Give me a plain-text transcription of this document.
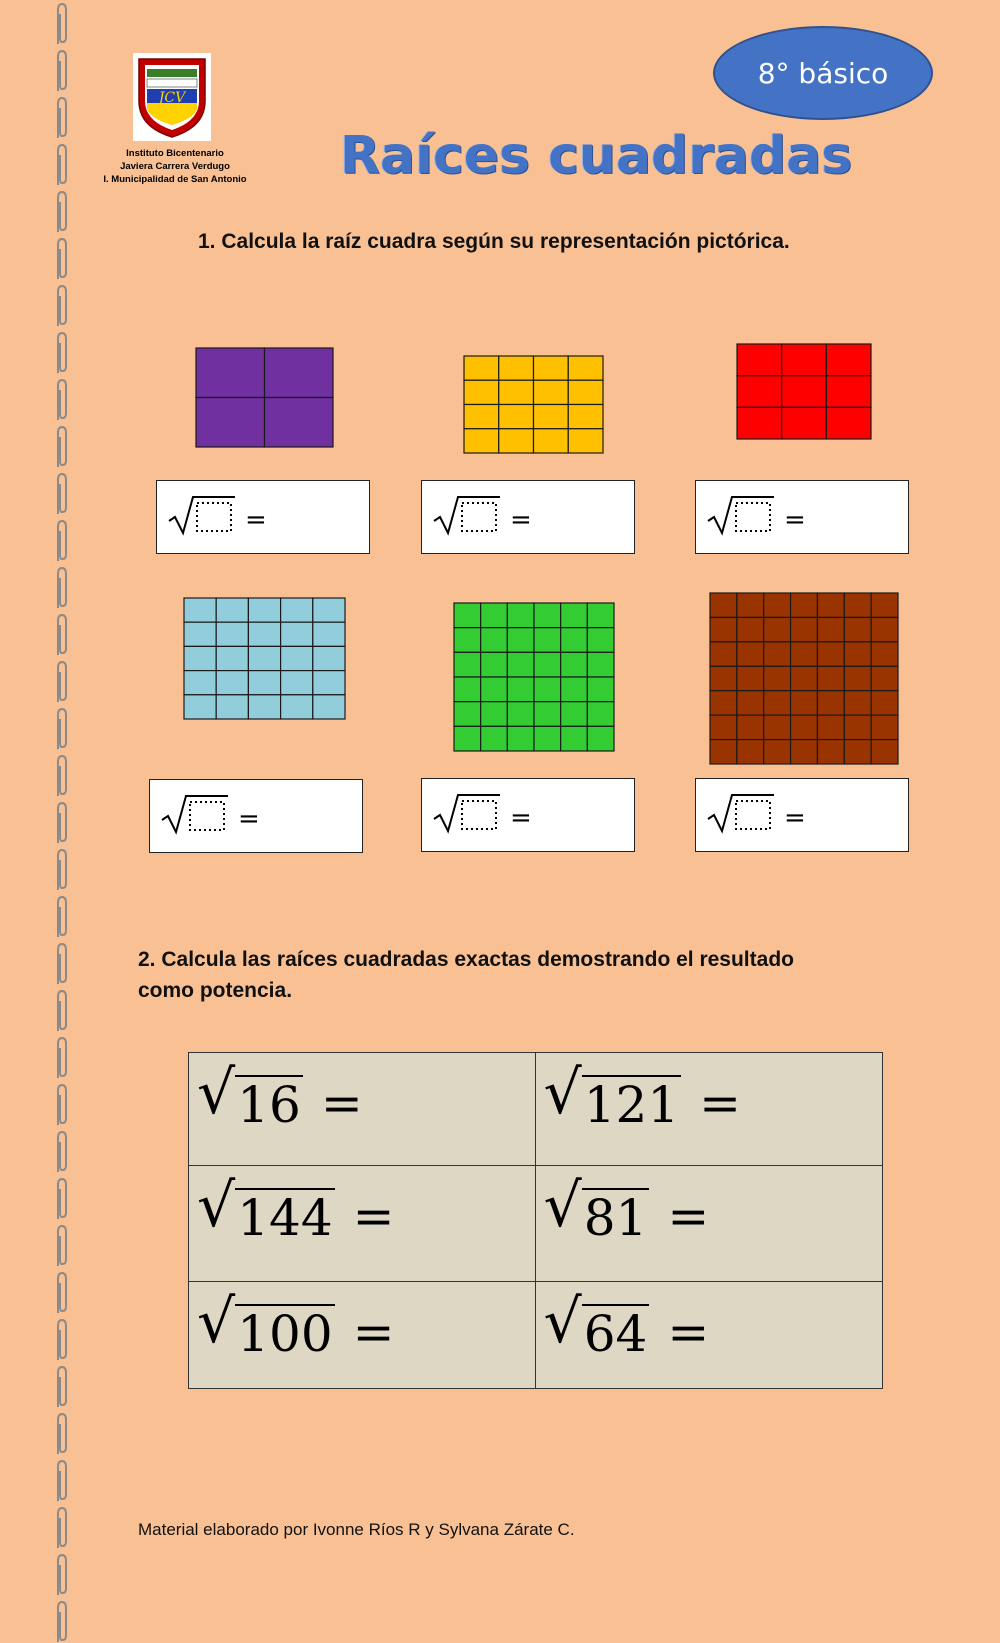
JCV
Instituto Bicentenario
Javiera Carrera Verdugo
I. Municipalidad de San Antonio
8° básico
Raíces cuadradas
1. Calcula la raíz cuadra según su representación pictórica.
=	=	=
=	=	=
2. Calcula las raíces cuadradas exactas demostrando el resultado
como potencia.
√ 16 =	√ 121 =
√ 144 = √ 81 =
√ 100 = √ 64 =
Material elaborado por Ivonne Ríos R y Sylvana Zárate C.
